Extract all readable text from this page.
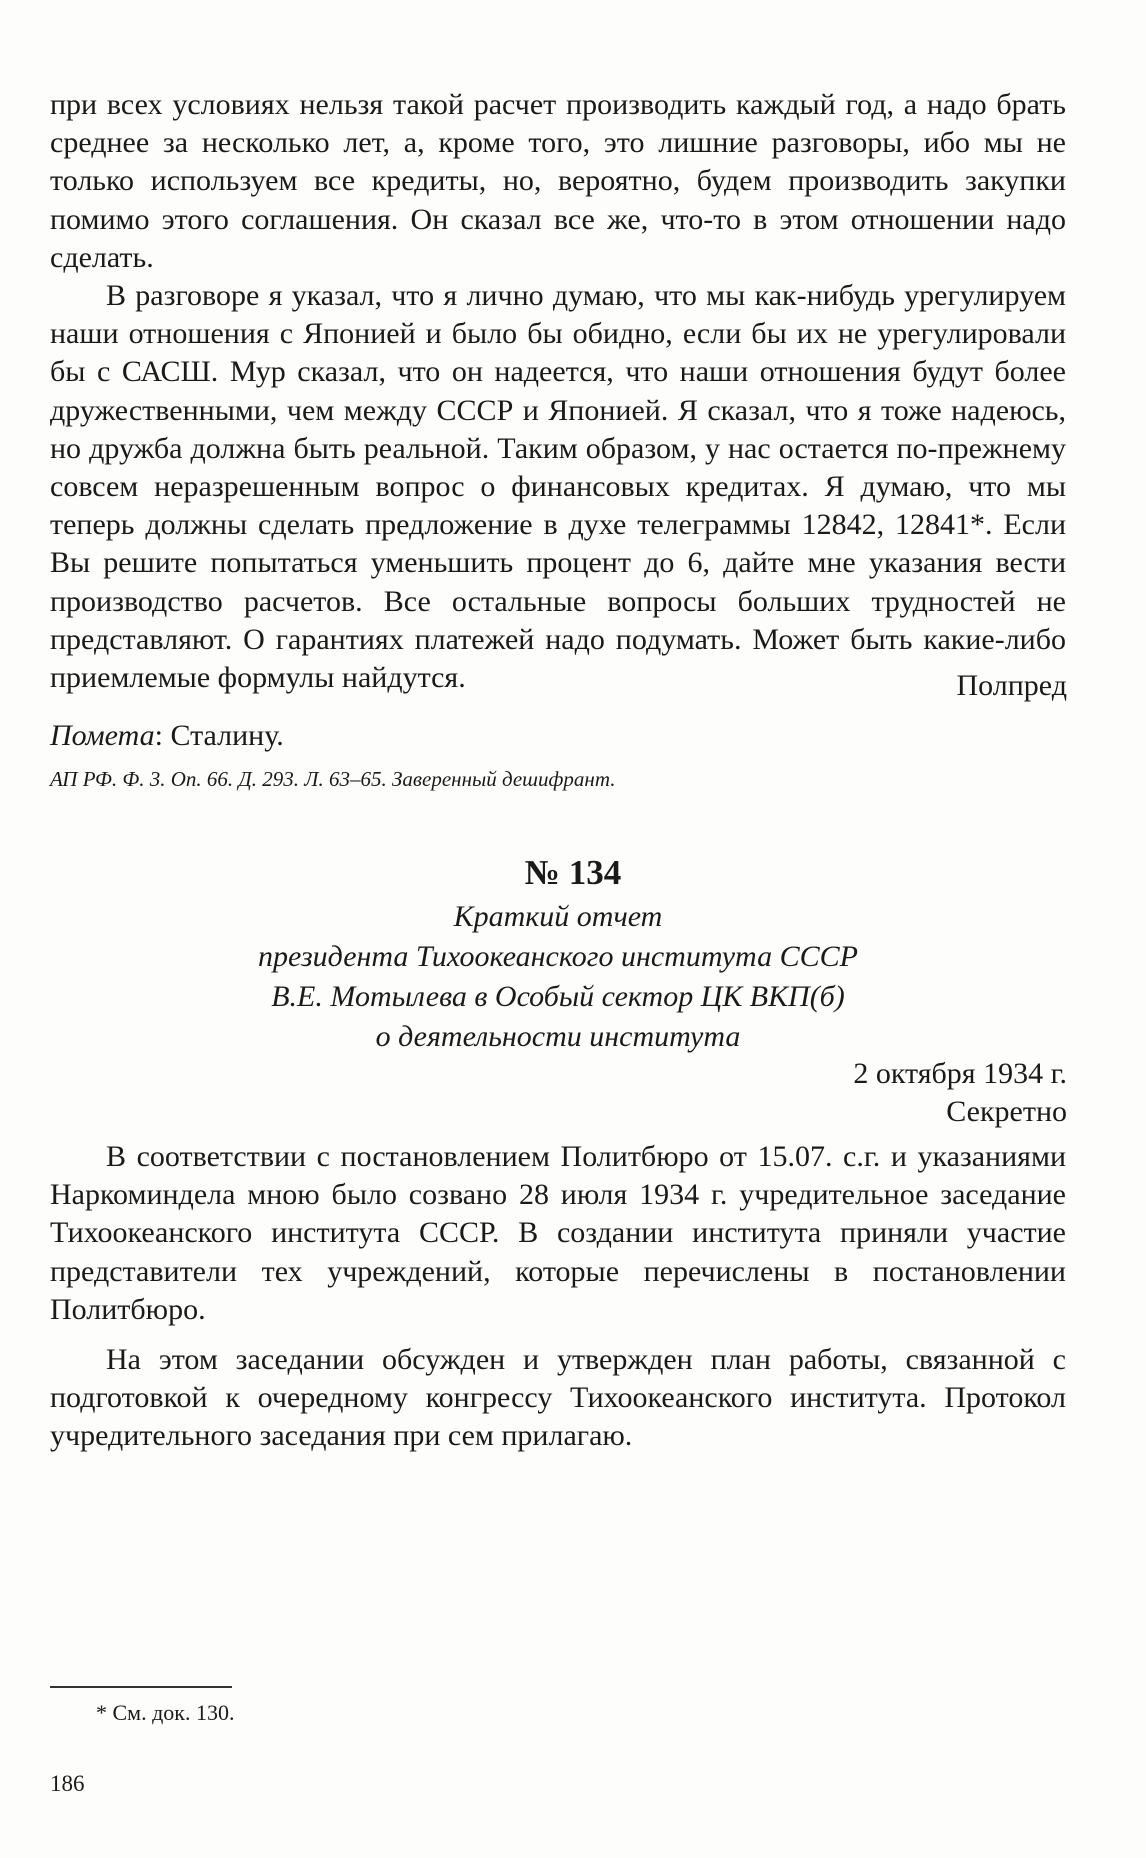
при всех условиях нельзя такой расчет производить каждый год, а надо брать среднее за несколько лет, а, кроме того, это лишние разговоры, ибо мы не только используем все кредиты, но, вероятно, будем производить закупки помимо этого соглашения. Он сказал все же, что-то в этом отношении надо сделать.

В разговоре я указал, что я лично думаю, что мы как-нибудь урегулируем наши отношения с Японией и было бы обидно, если бы их не урегулировали бы с САСШ. Мур сказал, что он надеется, что наши отношения будут более дружественными, чем между СССР и Японией. Я сказал, что я тоже надеюсь, но дружба должна быть реальной. Таким образом, у нас остается по-прежнему совсем неразрешенным вопрос о финансовых кредитах. Я думаю, что мы теперь должны сделать предложение в духе телеграммы 12842, 12841*. Если Вы решите попытаться уменьшить процент до 6, дайте мне указания вести производство расчетов. Все остальные вопросы больших трудностей не представляют. О гарантиях платежей надо подумать. Может быть какие-либо приемлемые формулы найдутся.	Полпред
Помета: Сталину.
АП РФ. Ф. 3. Оп. 66. Д. 293. Л. 63–65. Заверенный дешифрант.
№ 134
Краткий отчет
президента Тихоокеанского института СССР
В.Е. Мотылева в Особый сектор ЦК ВКП(б)
о деятельности института
2 октября 1934 г.
Секретно

В соответствии с постановлением Политбюро от 15.07. с.г. и указаниями Наркоминдела мною было созвано 28 июля 1934 г. учредительное заседание Тихоокеанского института СССР. В создании института приняли участие представители тех учреждений, которые перечислены в постановлении Политбюро.

На этом заседании обсужден и утвержден план работы, связанной с подготовкой к очередному конгрессу Тихоокеанского института. Протокол учредительного заседания при сем прилагаю.

* См. док. 130.
186
